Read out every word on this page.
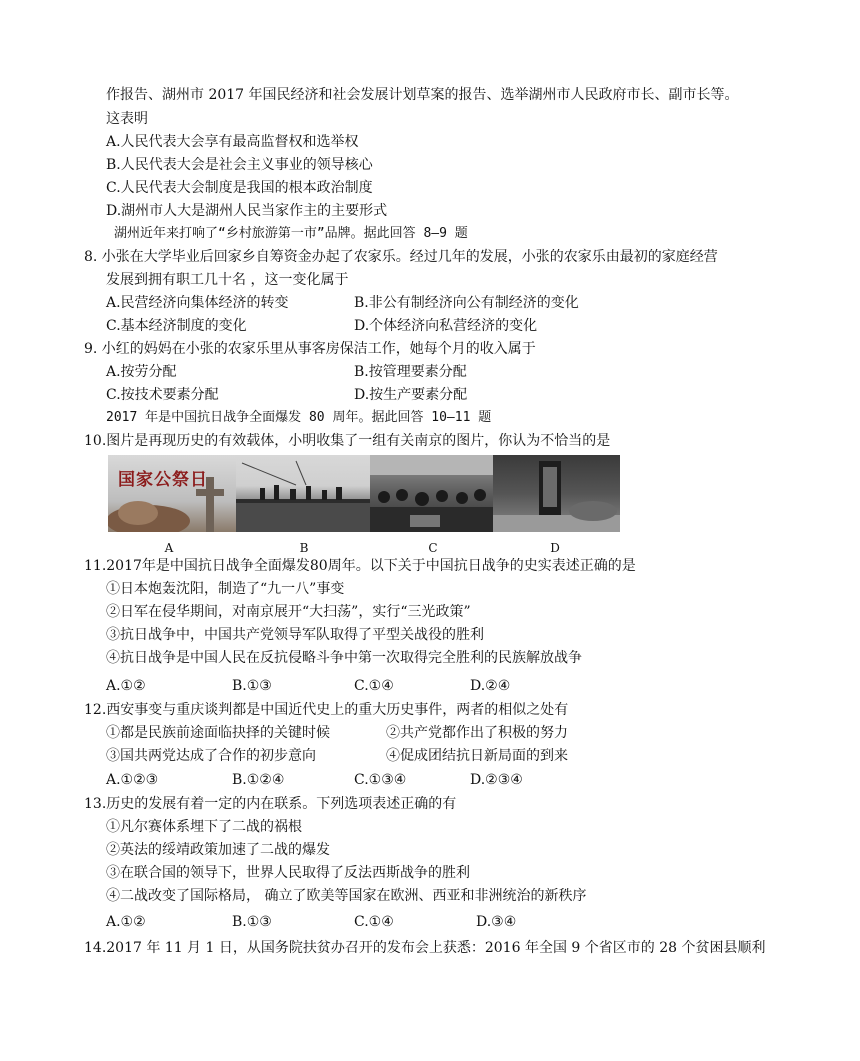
作报告、湖州市 2017 年国民经济和社会发展计划草案的报告、选举湖州市人民政府市长、副市长等。
这表明
A.人民代表大会享有最高监督权和选举权
B.人民代表大会是社会主义事业的领导核心
C.人民代表大会制度是我国的根本政治制度
D.湖州市人大是湖州人民当家作主的主要形式
湖州近年来打响了“乡村旅游第一市”品牌。据此回答 8—9 题
8. 小张在大学毕业后回家乡自筹资金办起了农家乐。经过几年的发展，小张的农家乐由最初的家庭经营
发展到拥有职工几十名 ，这一变化属于
A.民营经济向集体经济的转变	B.非公有制经济向公有制经济的变化
C.基本经济制度的变化	D.个体经济向私营经济的变化
9. 小红的妈妈在小张的农家乐里从事客房保洁工作，她每个月的收入属于
A.按劳分配	B.按管理要素分配
C.按技术要素分配	D.按生产要素分配
2017 年是中国抗日战争全面爆发 80 周年。据此回答 10—11 题
10.图片是再现历史的有效载体，小明收集了一组有关南京的图片，你认为不恰当的是
国家公祭日
A	B	C	D
11.2017年是中国抗日战争全面爆发80周年。以下关于中国抗日战争的史实表述正确的是
①日本炮轰沈阳，制造了“九一八”事变
②日军在侵华期间，对南京展开“大扫荡”，实行“三光政策”
③抗日战争中，中国共产党领导军队取得了平型关战役的胜利
④抗日战争是中国人民在反抗侵略斗争中第一次取得完全胜利的民族解放战争
A.①②	B.①③	C.①④	D.②④
12.西安事变与重庆谈判都是中国近代史上的重大历史事件，两者的相似之处有
①都是民族前途面临抉择的关键时候	②共产党都作出了积极的努力
③国共两党达成了合作的初步意向	④促成团结抗日新局面的到来
A.①②③	B.①②④	C.①③④	D.②③④
13.历史的发展有着一定的内在联系。下列选项表述正确的有
①凡尔赛体系埋下了二战的祸根
②英法的绥靖政策加速了二战的爆发
③在联合国的领导下，世界人民取得了反法西斯战争的胜利
④二战改变了国际格局， 确立了欧美等国家在欧洲、西亚和非洲统治的新秩序
A.①②	B.①③	C.①④	D.③④
14.2017 年 11 月 1 日，从国务院扶贫办召开的发布会上获悉：2016 年全国 9 个省区市的 28 个贫困县顺利
